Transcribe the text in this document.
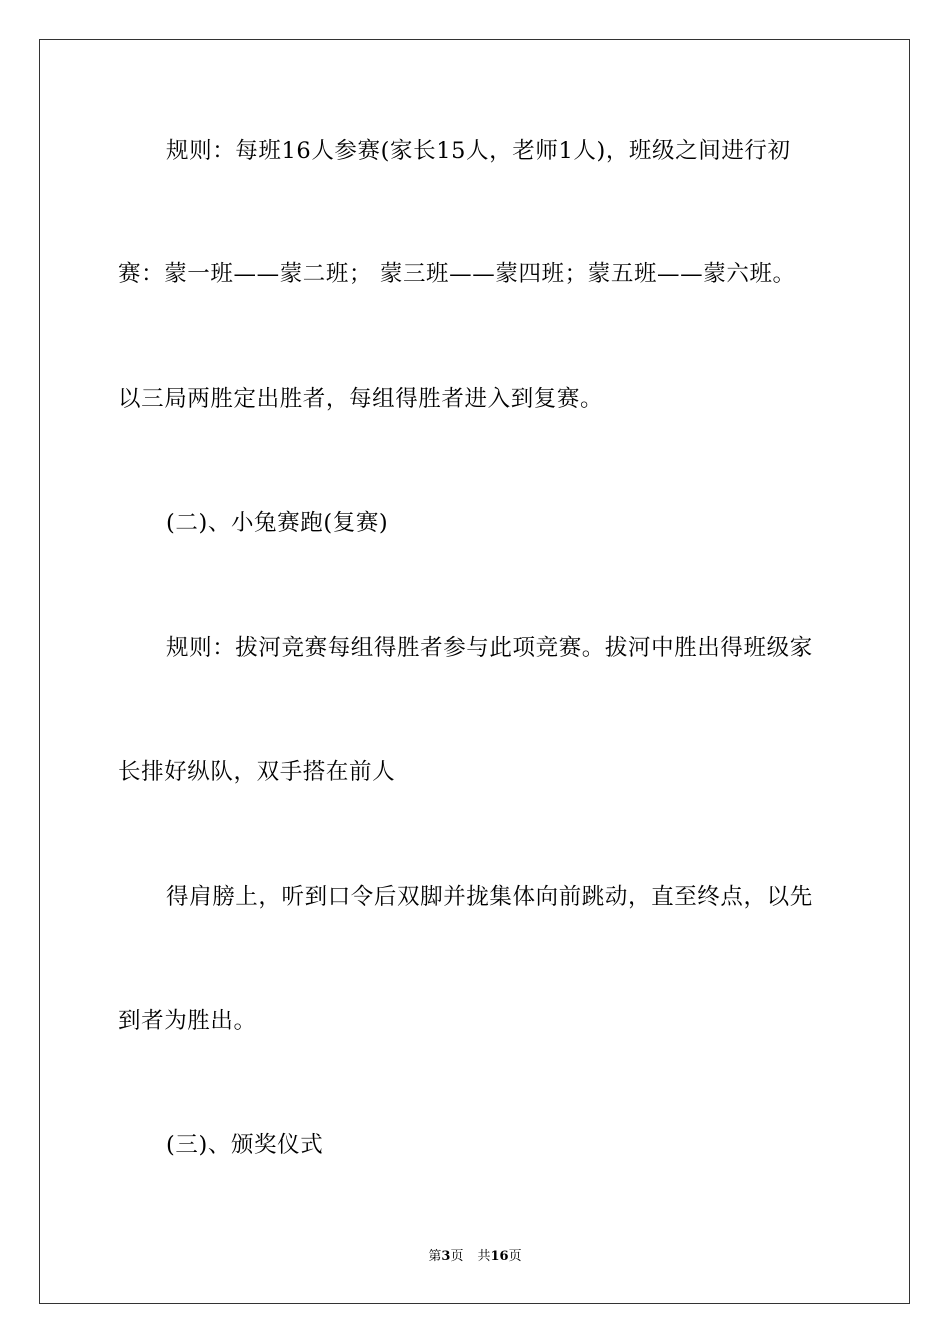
规则：每班16人参赛(家长15人，老师1人)，班级之间进行初
赛：蒙一班——蒙二班； 蒙三班——蒙四班；蒙五班——蒙六班。
以三局两胜定出胜者，每组得胜者进入到复赛。
(二)、小兔赛跑(复赛)
规则：拔河竞赛每组得胜者参与此项竞赛。拔河中胜出得班级家
长排好纵队，双手搭在前人
得肩膀上，听到口令后双脚并拢集体向前跳动，直至终点，以先
到者为胜出。
(三)、颁奖仪式
第3页 共16页
